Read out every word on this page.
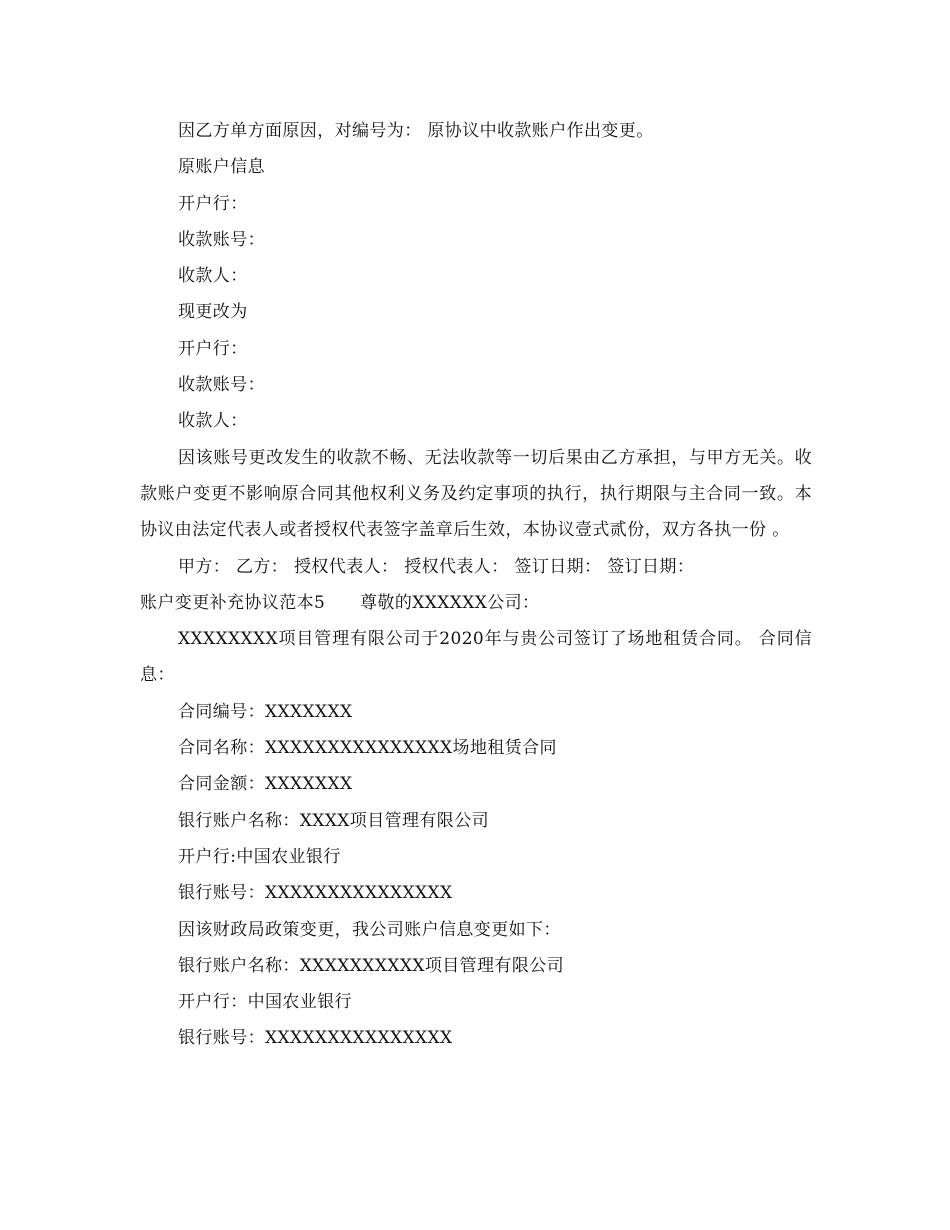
因乙方单方面原因，对编号为： 原协议中收款账户作出变更。

原账户信息

开户行：

收款账号：

收款人：

现更改为

开户行：

收款账号：

收款人：

因该账号更改发生的收款不畅、无法收款等一切后果由乙方承担，与甲方无关。收款账户变更不影响原合同其他权利义务及约定事项的执行，执行期限与主合同一致。本协议由法定代表人或者授权代表签字盖章后生效，本协议壹式贰份，双方各执一份 。

甲方： 乙方： 授权代表人： 授权代表人： 签订日期： 签订日期：

账户变更补充协议范本5　　尊敬的XXXXXX公司：

XXXXXXXX项目管理有限公司于2020年与贵公司签订了场地租赁合同。 合同信息：

合同编号：XXXXXXX

合同名称：XXXXXXXXXXXXXXX场地租赁合同

合同金额：XXXXXXX

银行账户名称：XXXX项目管理有限公司

开户行:中国农业银行

银行账号：XXXXXXXXXXXXXXX

因该财政局政策变更，我公司账户信息变更如下：

银行账户名称：XXXXXXXXXX项目管理有限公司

开户行：中国农业银行

银行账号：XXXXXXXXXXXXXXX
